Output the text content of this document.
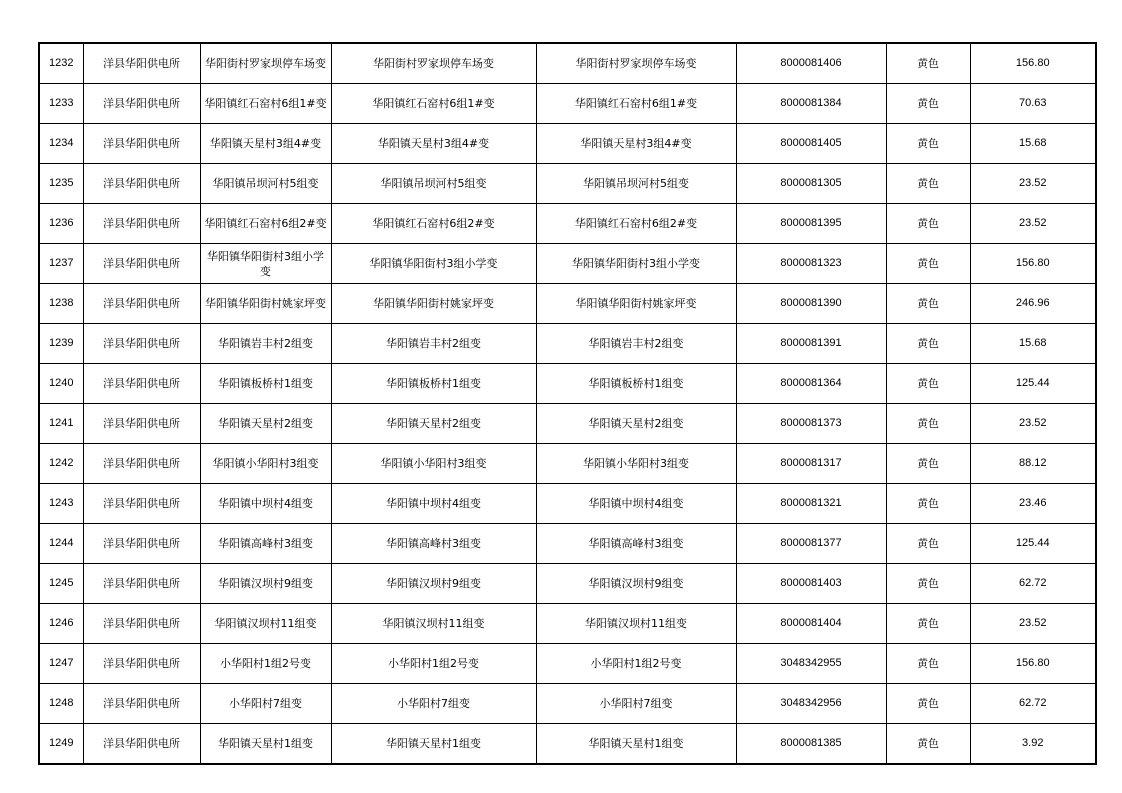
1232	洋县华阳供电所	华阳街村罗家坝停车场变	华阳街村罗家坝停车场变	华阳街村罗家坝停车场变	8000081406	黄色	156.80
1233	洋县华阳供电所	华阳镇红石窑村6组1#变	华阳镇红石窑村6组1#变	华阳镇红石窑村6组1#变	8000081384	黄色	70.63
1234	洋县华阳供电所	华阳镇天星村3组4#变	华阳镇天星村3组4#变	华阳镇天星村3组4#变	8000081405	黄色	15.68
1235	洋县华阳供电所	华阳镇吊坝河村5组变	华阳镇吊坝河村5组变	华阳镇吊坝河村5组变	8000081305	黄色	23.52
1236	洋县华阳供电所	华阳镇红石窑村6组2#变	华阳镇红石窑村6组2#变	华阳镇红石窑村6组2#变	8000081395	黄色	23.52
1237	洋县华阳供电所	华阳镇华阳街村3组小学变	华阳镇华阳街村3组小学变	华阳镇华阳街村3组小学变	8000081323	黄色	156.80
1238	洋县华阳供电所	华阳镇华阳街村姚家坪变	华阳镇华阳街村姚家坪变	华阳镇华阳街村姚家坪变	8000081390	黄色	246.96
1239	洋县华阳供电所	华阳镇岩丰村2组变	华阳镇岩丰村2组变	华阳镇岩丰村2组变	8000081391	黄色	15.68
1240	洋县华阳供电所	华阳镇板桥村1组变	华阳镇板桥村1组变	华阳镇板桥村1组变	8000081364	黄色	125.44
1241	洋县华阳供电所	华阳镇天星村2组变	华阳镇天星村2组变	华阳镇天星村2组变	8000081373	黄色	23.52
1242	洋县华阳供电所	华阳镇小华阳村3组变	华阳镇小华阳村3组变	华阳镇小华阳村3组变	8000081317	黄色	88.12
1243	洋县华阳供电所	华阳镇中坝村4组变	华阳镇中坝村4组变	华阳镇中坝村4组变	8000081321	黄色	23.46
1244	洋县华阳供电所	华阳镇高峰村3组变	华阳镇高峰村3组变	华阳镇高峰村3组变	8000081377	黄色	125.44
1245	洋县华阳供电所	华阳镇汉坝村9组变	华阳镇汉坝村9组变	华阳镇汉坝村9组变	8000081403	黄色	62.72
1246	洋县华阳供电所	华阳镇汉坝村11组变	华阳镇汉坝村11组变	华阳镇汉坝村11组变	8000081404	黄色	23.52
1247	洋县华阳供电所	小华阳村1组2号变	小华阳村1组2号变	小华阳村1组2号变	3048342955	黄色	156.80
1248	洋县华阳供电所	小华阳村7组变	小华阳村7组变	小华阳村7组变	3048342956	黄色	62.72
1249	洋县华阳供电所	华阳镇天星村1组变	华阳镇天星村1组变	华阳镇天星村1组变	8000081385	黄色	3.92
